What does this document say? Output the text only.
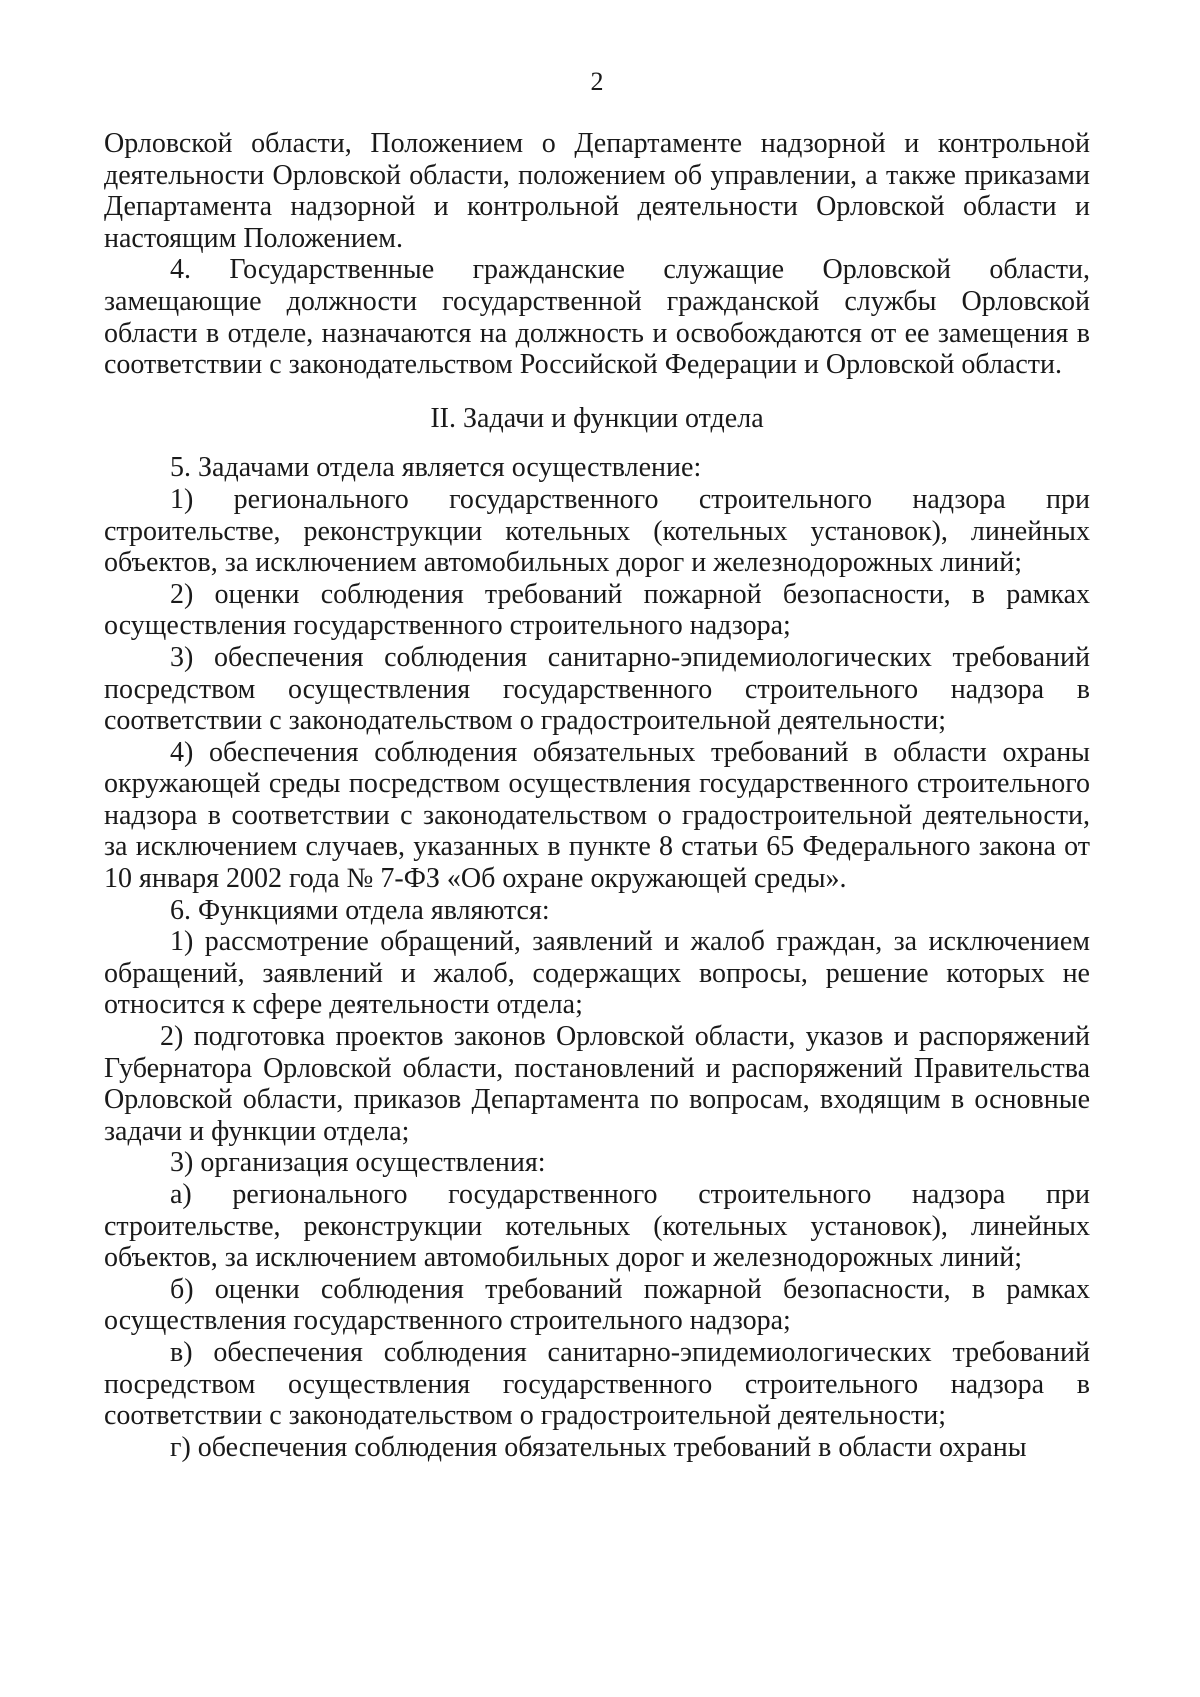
2

Орловской области, Положением о Департаменте надзорной и контрольной деятельности Орловской области, положением об управлении, а также приказами Департамента надзорной и контрольной деятельности Орловской области и настоящим Положением.

4. Государственные гражданские служащие Орловской области, замещающие должности государственной гражданской службы Орловской области в отделе, назначаются на должность и освобождаются от ее замещения в соответствии с законодательством Российской Федерации и Орловской области.

II. Задачи и функции отдела

5. Задачами отдела является осуществление:

1) регионального государственного строительного надзора при строительстве, реконструкции котельных (котельных установок), линейных объектов, за исключением автомобильных дорог и железнодорожных линий;

2) оценки соблюдения требований пожарной безопасности, в рамках осуществления государственного строительного надзора;

3) обеспечения соблюдения санитарно-эпидемиологических требований посредством осуществления государственного строительного надзора в соответствии с законодательством о градостроительной деятельности;

4) обеспечения соблюдения обязательных требований в области охраны окружающей среды посредством осуществления государственного строительного надзора в соответствии с законодательством о градостроительной деятельности, за исключением случаев, указанных в пункте 8 статьи 65 Федерального закона от 10 января 2002 года № 7-ФЗ «Об охране окружающей среды».

6. Функциями отдела являются:

1) рассмотрение обращений, заявлений и жалоб граждан, за исключением обращений, заявлений и жалоб, содержащих вопросы, решение которых не относится к сфере деятельности отдела;

2) подготовка проектов законов Орловской области, указов и распоряжений Губернатора Орловской области, постановлений и распоряжений Правительства Орловской области, приказов Департамента по вопросам, входящим в основные задачи и функции отдела;

3) организация осуществления:

а) регионального государственного строительного надзора при строительстве, реконструкции котельных (котельных установок), линейных объектов, за исключением автомобильных дорог и железнодорожных линий;

б) оценки соблюдения требований пожарной безопасности, в рамках осуществления государственного строительного надзора;

в) обеспечения соблюдения санитарно-эпидемиологических требований посредством осуществления государственного строительного надзора в соответствии с законодательством о градостроительной деятельности;

г) обеспечения соблюдения обязательных требований в области охраны
